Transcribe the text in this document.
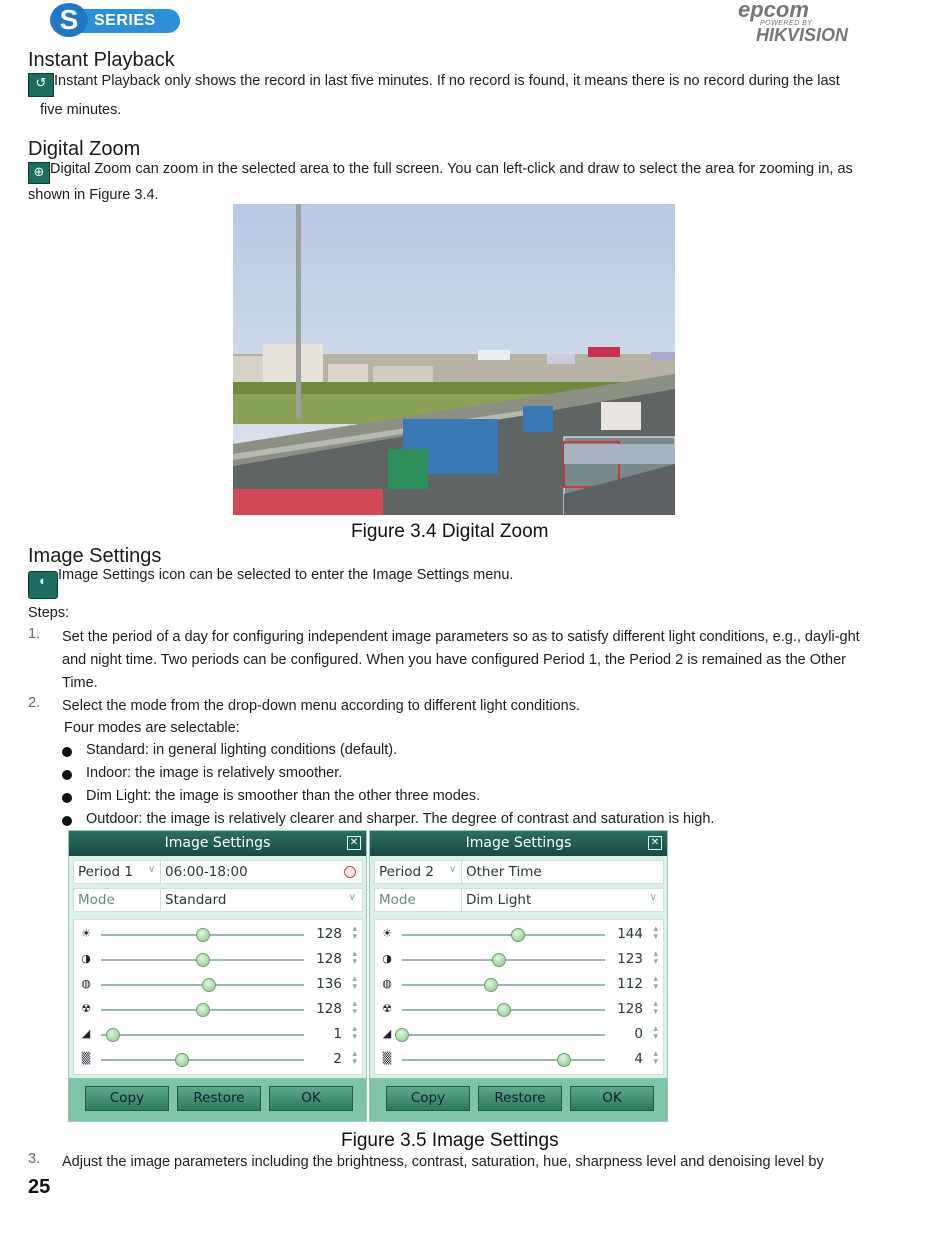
S SERIES	epcom
POWERED BY
HIKVISION
Instant Playback
↺ Instant Playback only shows the record in last five minutes. If no record is found, it means there is no record during the last
five minutes.
Digital Zoom
⊕ Digital Zoom can zoom in the selected area to the full screen. You can left-click and draw to select the area for zooming in, as
shown in Figure 3.4.
Figure 3.4 Digital Zoom
Image Settings
◐ Image Settings icon can be selected to enter the Image Settings menu.
Steps:
1. Set the period of a day for configuring independent image parameters so as to satisfy different light conditions, e.g., dayli-ght and night time. Two periods can be configured. When you have configured Period 1, the Period 2 is remained as the Other Time.
2. Select the mode from the drop-down menu according to different light conditions.
Four modes are selectable:
Standard: in general lighting conditions (default).
Indoor: the image is relatively smoother.
Dim Light: the image is smoother than the other three modes.
Outdoor: the image is relatively clearer and sharper. The degree of contrast and saturation is high.
Image Settings	✕
Period 1	∨ 06:00-18:00
Mode	Standard	∨
☀	128 ▴
▾
◑	128 ▴
▾
◍	136 ▴
▾
☢	128 ▴
▾
◢	1 ▴
▾
▒	2 ▴
▾
Copy	Restore	OK
Image Settings	✕
Period 2	∨ Other Time
Mode	Dim Light	∨
☀	144 ▴
▾
◑	123 ▴
▾
◍	112 ▴
▾
☢	128 ▴
▾
◢	0 ▴
▾
▒	4 ▴
▾
Copy	Restore	OK
Figure 3.5 Image Settings
3. Adjust the image parameters including the brightness, contrast, saturation, hue, sharpness level and denoising level by
25
